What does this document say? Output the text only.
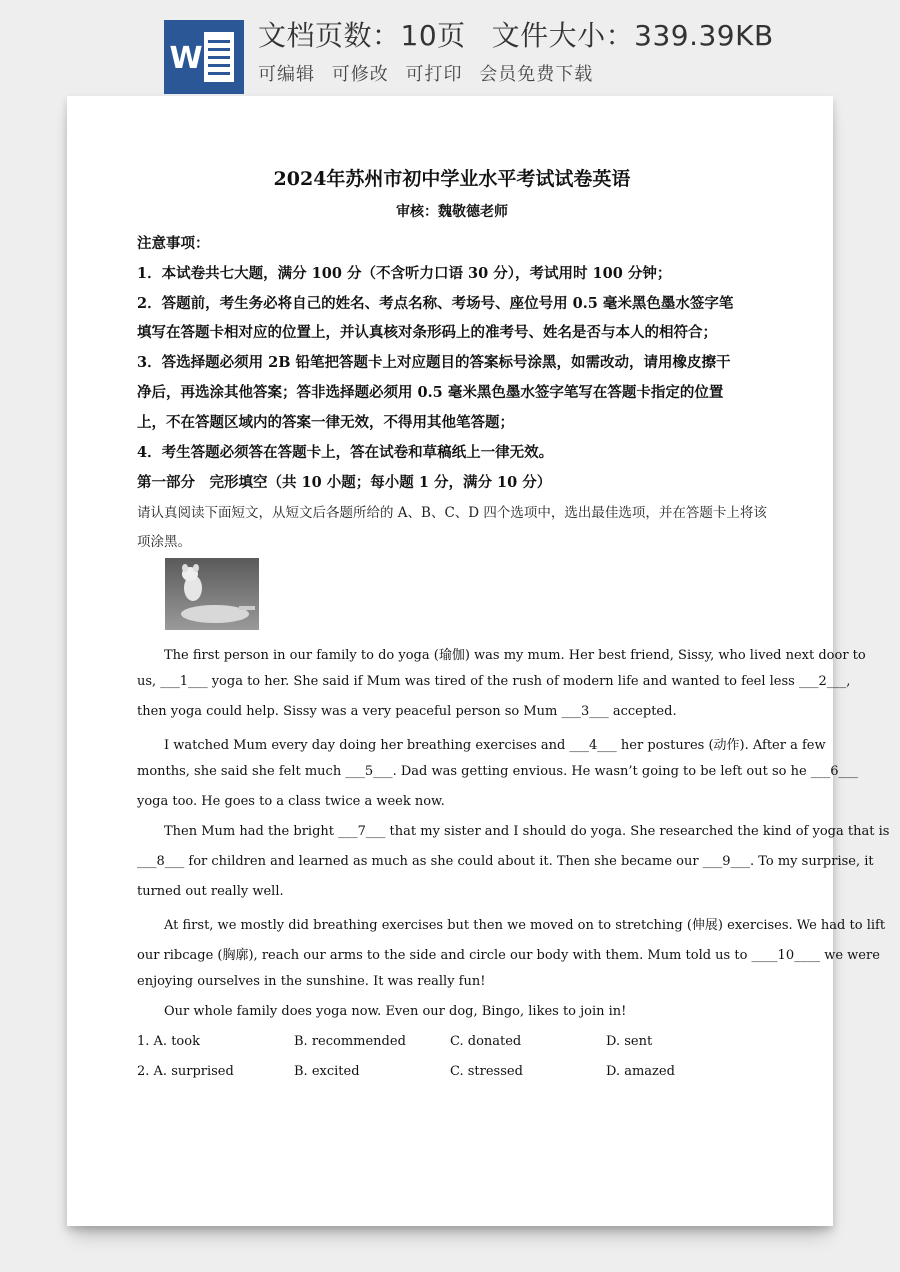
W
文档页数：10页 文件大小：339.39KB
可编辑 可修改 可打印 会员免费下载
2024年苏州市初中学业水平考试试卷英语
审核：魏敬德老师
注意事项：
1．本试卷共七大题，满分 100 分（不含听力口语 30 分），考试用时 100 分钟；
2．答题前，考生务必将自己的姓名、考点名称、考场号、座位号用 0.5 毫米黑色墨水签字笔
填写在答题卡相对应的位置上，并认真核对条形码上的准考号、姓名是否与本人的相符合；
3．答选择题必须用 2B 铅笔把答题卡上对应题目的答案标号涂黑，如需改动，请用橡皮擦干
净后，再选涂其他答案；答非选择题必须用 0.5 毫米黑色墨水签字笔写在答题卡指定的位置
上，不在答题区域内的答案一律无效，不得用其他笔答题；
4．考生答题必须答在答题卡上，答在试卷和草稿纸上一律无效。
第一部分　完形填空（共 10 小题；每小题 1 分，满分 10 分）
请认真阅读下面短文，从短文后各题所给的 A、B、C、D 四个选项中，选出最佳选项，并在答题卡上将该
项涂黑。
The first person in our family to do yoga (瑜伽) was my mum. Her best friend, Sissy, who lived next door to
us, ___1___ yoga to her. She said if Mum was tired of the rush of modern life and wanted to feel less ___2___,
then yoga could help. Sissy was a very peaceful person so Mum ___3___ accepted.
I watched Mum every day doing her breathing exercises and ___4___ her postures (动作). After a few
months, she said she felt much ___5___. Dad was getting envious. He wasn’t going to be left out so he ___6___
yoga too. He goes to a class twice a week now.
Then Mum had the bright ___7___ that my sister and I should do yoga. She researched the kind of yoga that is
___8___ for children and learned as much as she could about it. Then she became our ___9___. To my surprise, it
turned out really well.
At first, we mostly did breathing exercises but then we moved on to stretching (伸展) exercises. We had to lift
our ribcage (胸廓), reach our arms to the side and circle our body with them. Mum told us to ____10____ we were
enjoying ourselves in the sunshine. It was really fun!
Our whole family does yoga now. Even our dog, Bingo, likes to join in!
1. A. took	B. recommended	C. donated	D. sent
2. A. surprised	B. excited	C. stressed	D. amazed
